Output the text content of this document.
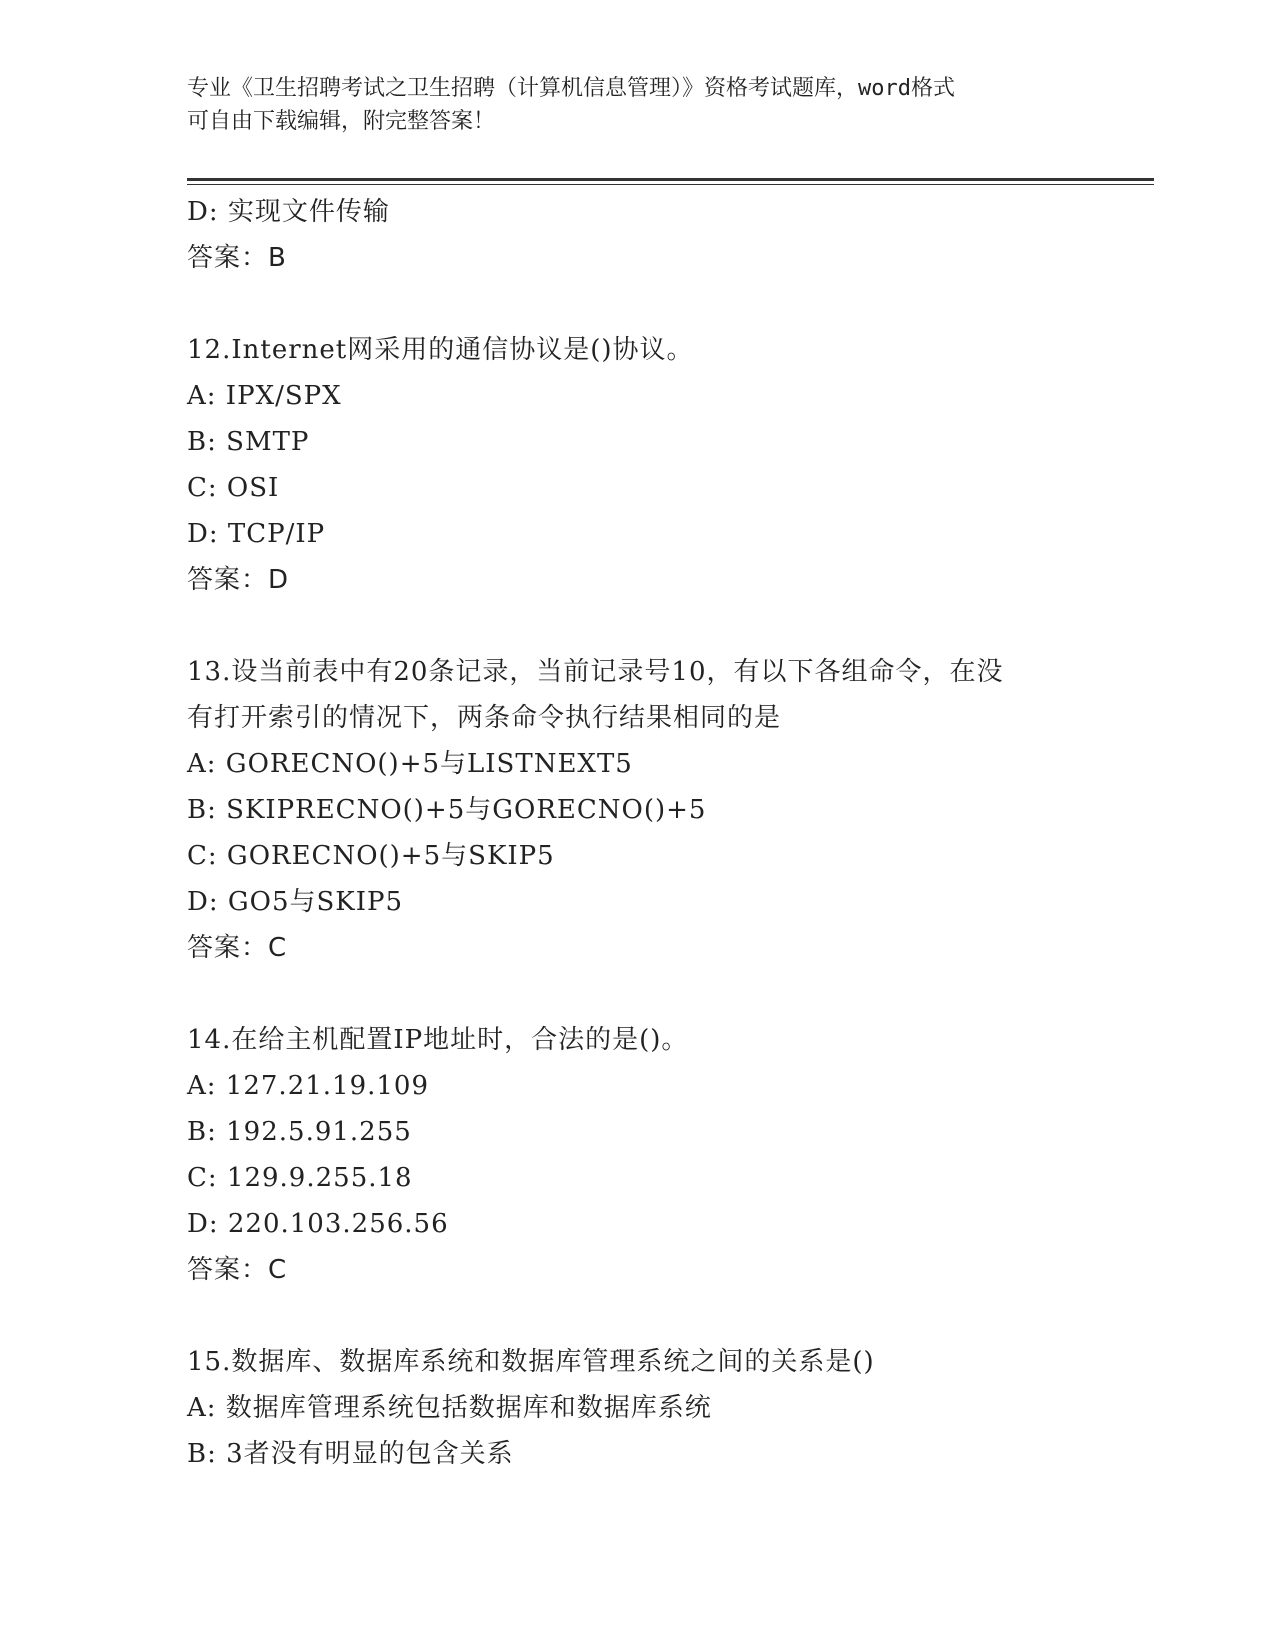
专业《卫生招聘考试之卫生招聘（计算机信息管理）》资格考试题库，word格式
可自由下载编辑，附完整答案！
D: 实现文件传输
答案：B
12.Internet网采用的通信协议是()协议。
A: IPX/SPX
B: SMTP
C: OSI
D: TCP/IP
答案：D
13.设当前表中有20条记录，当前记录号10，有以下各组命令，在没
有打开索引的情况下，两条命令执行结果相同的是
A: GORECNO()+5与LISTNEXT5
B: SKIPRECNO()+5与GORECNO()+5
C: GORECNO()+5与SKIP5
D: GO5与SKIP5
答案：C
14.在给主机配置IP地址时，合法的是()。
A: 127.21.19.109
B: 192.5.91.255
C: 129.9.255.18
D: 220.103.256.56
答案：C
15.数据库、数据库系统和数据库管理系统之间的关系是()
A: 数据库管理系统包括数据库和数据库系统
B: 3者没有明显的包含关系
